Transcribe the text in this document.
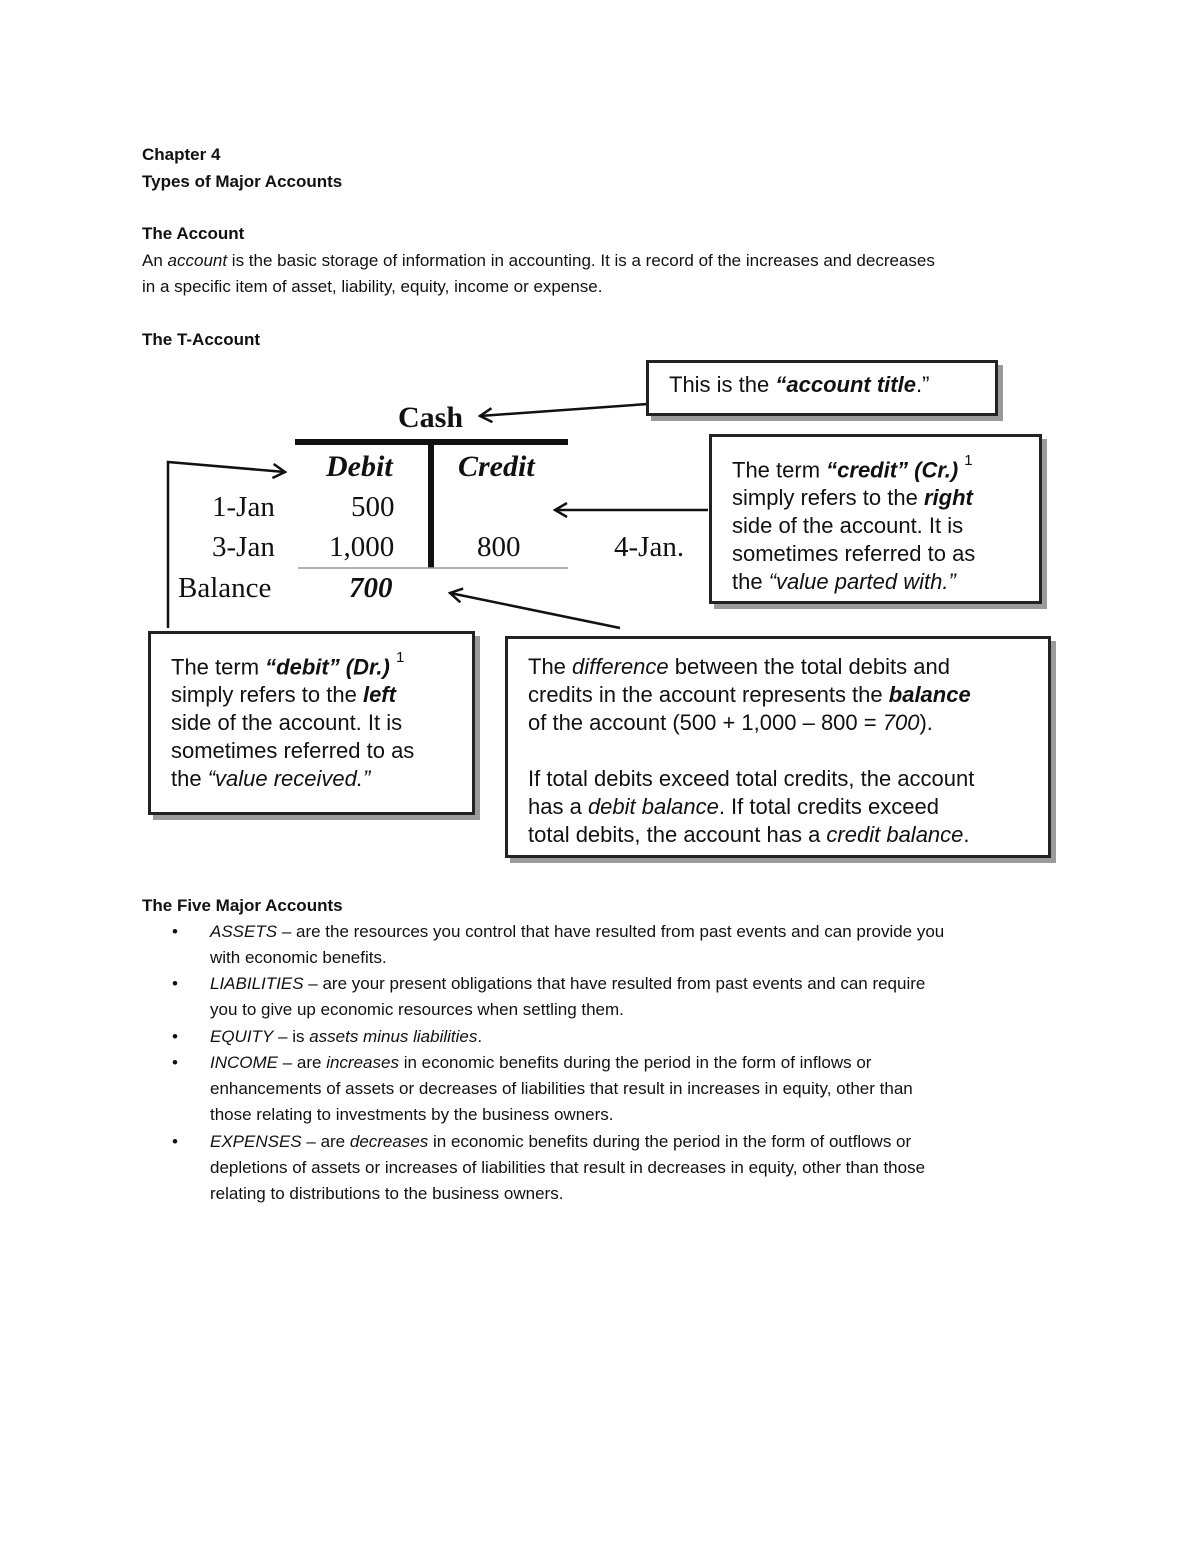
Chapter 4
Types of Major Accounts
The Account
An account is the basic storage of information in accounting. It is a record of the increases and decreases
in a specific item of asset, liability, equity, income or expense.
The T-Account
Cash
Debit Credit
1-Jan	500
3-Jan 1,000	800	4-Jan.
Balance	700

This is the “account title.”

The term “credit” (Cr.) $^1$

simply refers to the right

side of the account. It is

sometimes referred to as

the “value parted with.”

The term “debit” (Dr.) $^1$

simply refers to the left

side of the account. It is

sometimes referred to as

the “value received.”

The difference between the total debits and

credits in the account represents the balance

of the account (500 + 1,000 – 800 = 700).

If total debits exceed total credits, the account

has a debit balance. If total credits exceed

total debits, the account has a credit balance.

The Five Major Accounts
• ASSETS – are the resources you control that have resulted from past events and can provide you
with economic benefits.
• LIABILITIES – are your present obligations that have resulted from past events and can require
you to give up economic resources when settling them.
• EQUITY – is assets minus liabilities.
• INCOME – are increases in economic benefits during the period in the form of inflows or
enhancements of assets or decreases of liabilities that result in increases in equity, other than
those relating to investments by the business owners.
• EXPENSES – are decreases in economic benefits during the period in the form of outflows or
depletions of assets or increases of liabilities that result in decreases in equity, other than those
relating to distributions to the business owners.
